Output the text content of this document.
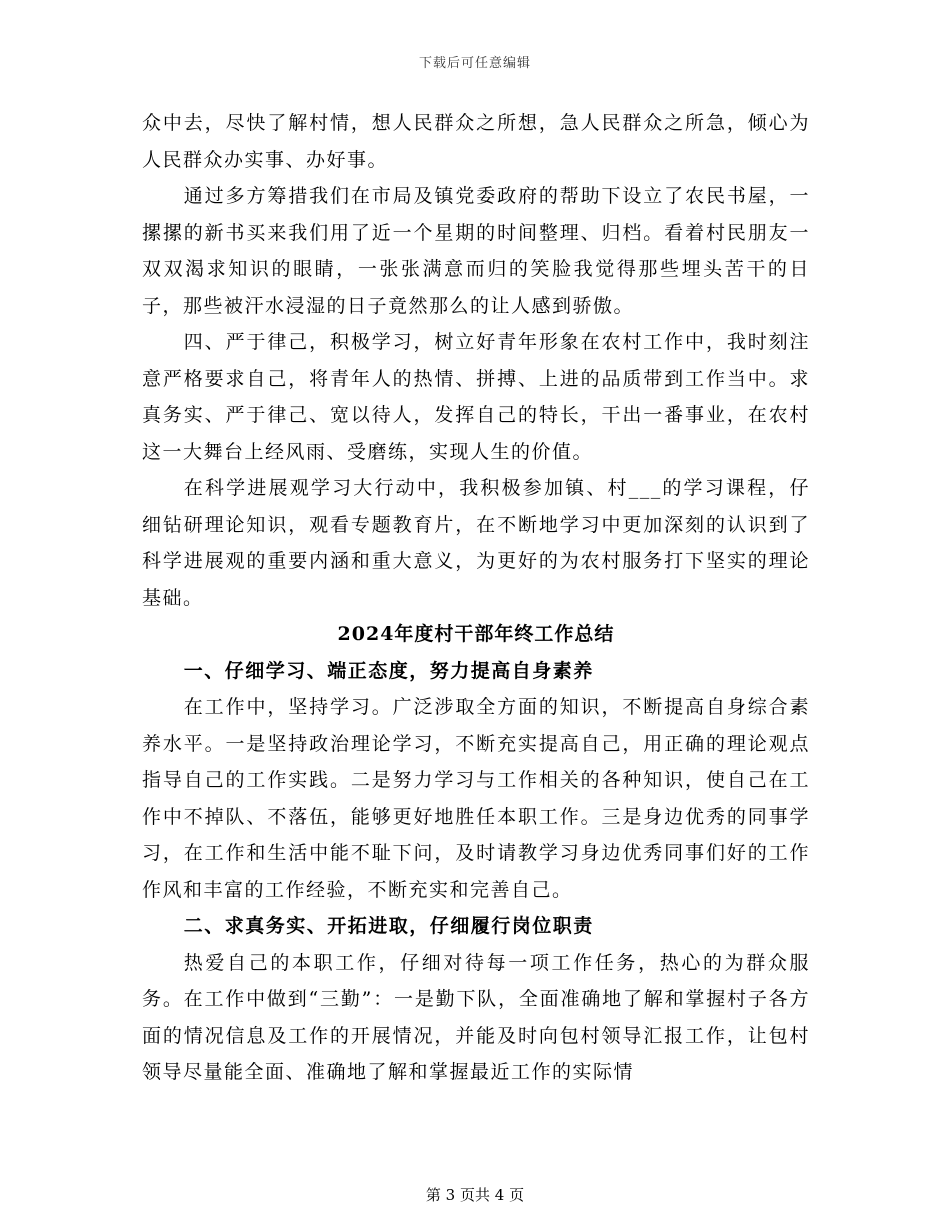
下载后可任意编辑

众中去，尽快了解村情，想人民群众之所想，急人民群众之所急，倾心为人民群众办实事、办好事。

通过多方筹措我们在市局及镇党委政府的帮助下设立了农民书屋，一摞摞的新书买来我们用了近一个星期的时间整理、归档。看着村民朋友一双双渴求知识的眼睛，一张张满意而归的笑脸我觉得那些埋头苦干的日子，那些被汗水浸湿的日子竟然那么的让人感到骄傲。

四、严于律己，积极学习，树立好青年形象在农村工作中，我时刻注意严格要求自己，将青年人的热情、拼搏、上进的品质带到工作当中。求真务实、严于律己、宽以待人，发挥自己的特长，干出一番事业，在农村这一大舞台上经风雨、受磨练，实现人生的价值。

在科学进展观学习大行动中，我积极参加镇、村___的学习课程，仔细钻研理论知识，观看专题教育片，在不断地学习中更加深刻的认识到了科学进展观的重要内涵和重大意义，为更好的为农村服务打下坚实的理论基础。

2024年度村干部年终工作总结

一、仔细学习、端正态度，努力提高自身素养

在工作中，坚持学习。广泛涉取全方面的知识，不断提高自身综合素养水平。一是坚持政治理论学习，不断充实提高自己，用正确的理论观点指导自己的工作实践。二是努力学习与工作相关的各种知识，使自己在工作中不掉队、不落伍，能够更好地胜任本职工作。三是身边优秀的同事学习，在工作和生活中能不耻下问，及时请教学习身边优秀同事们好的工作作风和丰富的工作经验，不断充实和完善自己。

二、求真务实、开拓进取，仔细履行岗位职责

热爱自己的本职工作，仔细对待每一项工作任务，热心的为群众服务。在工作中做到“三勤”：一是勤下队，全面准确地了解和掌握村子各方面的情况信息及工作的开展情况，并能及时向包村领导汇报工作，让包村领导尽量能全面、准确地了解和掌握最近工作的实际情

第 3 页共 4 页
